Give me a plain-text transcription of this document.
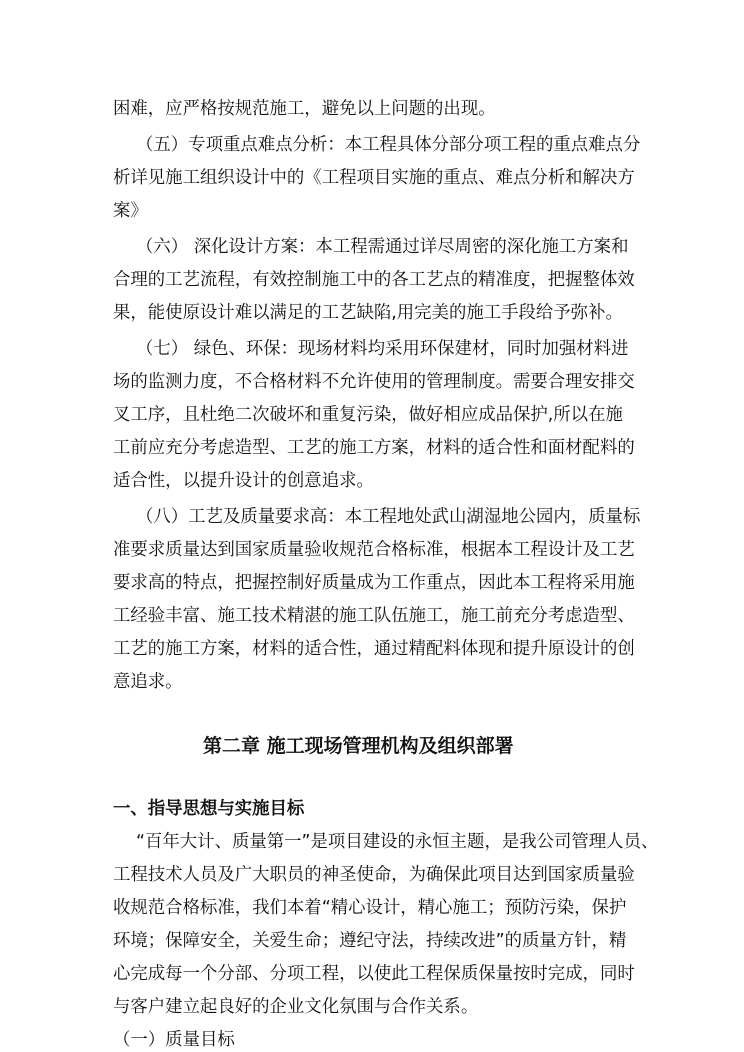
困难，应严格按规范施工，避免以上问题的出现。
（五）专项重点难点分析：本工程具体分部分项工程的重点难点分
析详见施工组织设计中的《工程项目实施的重点、难点分析和解决方
案》
（六） 深化设计方案：本工程需通过详尽周密的深化施工方案和
合理的工艺流程，有效控制施工中的各工艺点的精准度，把握整体效
果，能使原设计难以满足的工艺缺陷,用完美的施工手段给予弥补。
（七） 绿色、环保：现场材料均采用环保建材，同时加强材料进
场的监测力度，不合格材料不允许使用的管理制度。需要合理安排交
叉工序，且杜绝二次破坏和重复污染，做好相应成品保护,所以在施
工前应充分考虑造型、工艺的施工方案，材料的适合性和面材配料的
适合性，以提升设计的创意追求。
（八）工艺及质量要求高：本工程地处武山湖湿地公园内，质量标
准要求质量达到国家质量验收规范合格标准，根据本工程设计及工艺
要求高的特点，把握控制好质量成为工作重点，因此本工程将采用施
工经验丰富、施工技术精湛的施工队伍施工，施工前充分考虑造型、
工艺的施工方案，材料的适合性，通过精配料体现和提升原设计的创
意追求。
第二章 施工现场管理机构及组织部署
一、指导思想与实施目标
“百年大计、质量第一”是项目建设的永恒主题，是我公司管理人员、
工程技术人员及广大职员的神圣使命，为确保此项目达到国家质量验
收规范合格标准，我们本着“精心设计，精心施工；预防污染，保护
环境；保障安全，关爱生命；遵纪守法，持续改进”的质量方针，精
心完成每一个分部、分项工程，以使此工程保质保量按时完成，同时
与客户建立起良好的企业文化氛围与合作关系。
（一）质量目标
